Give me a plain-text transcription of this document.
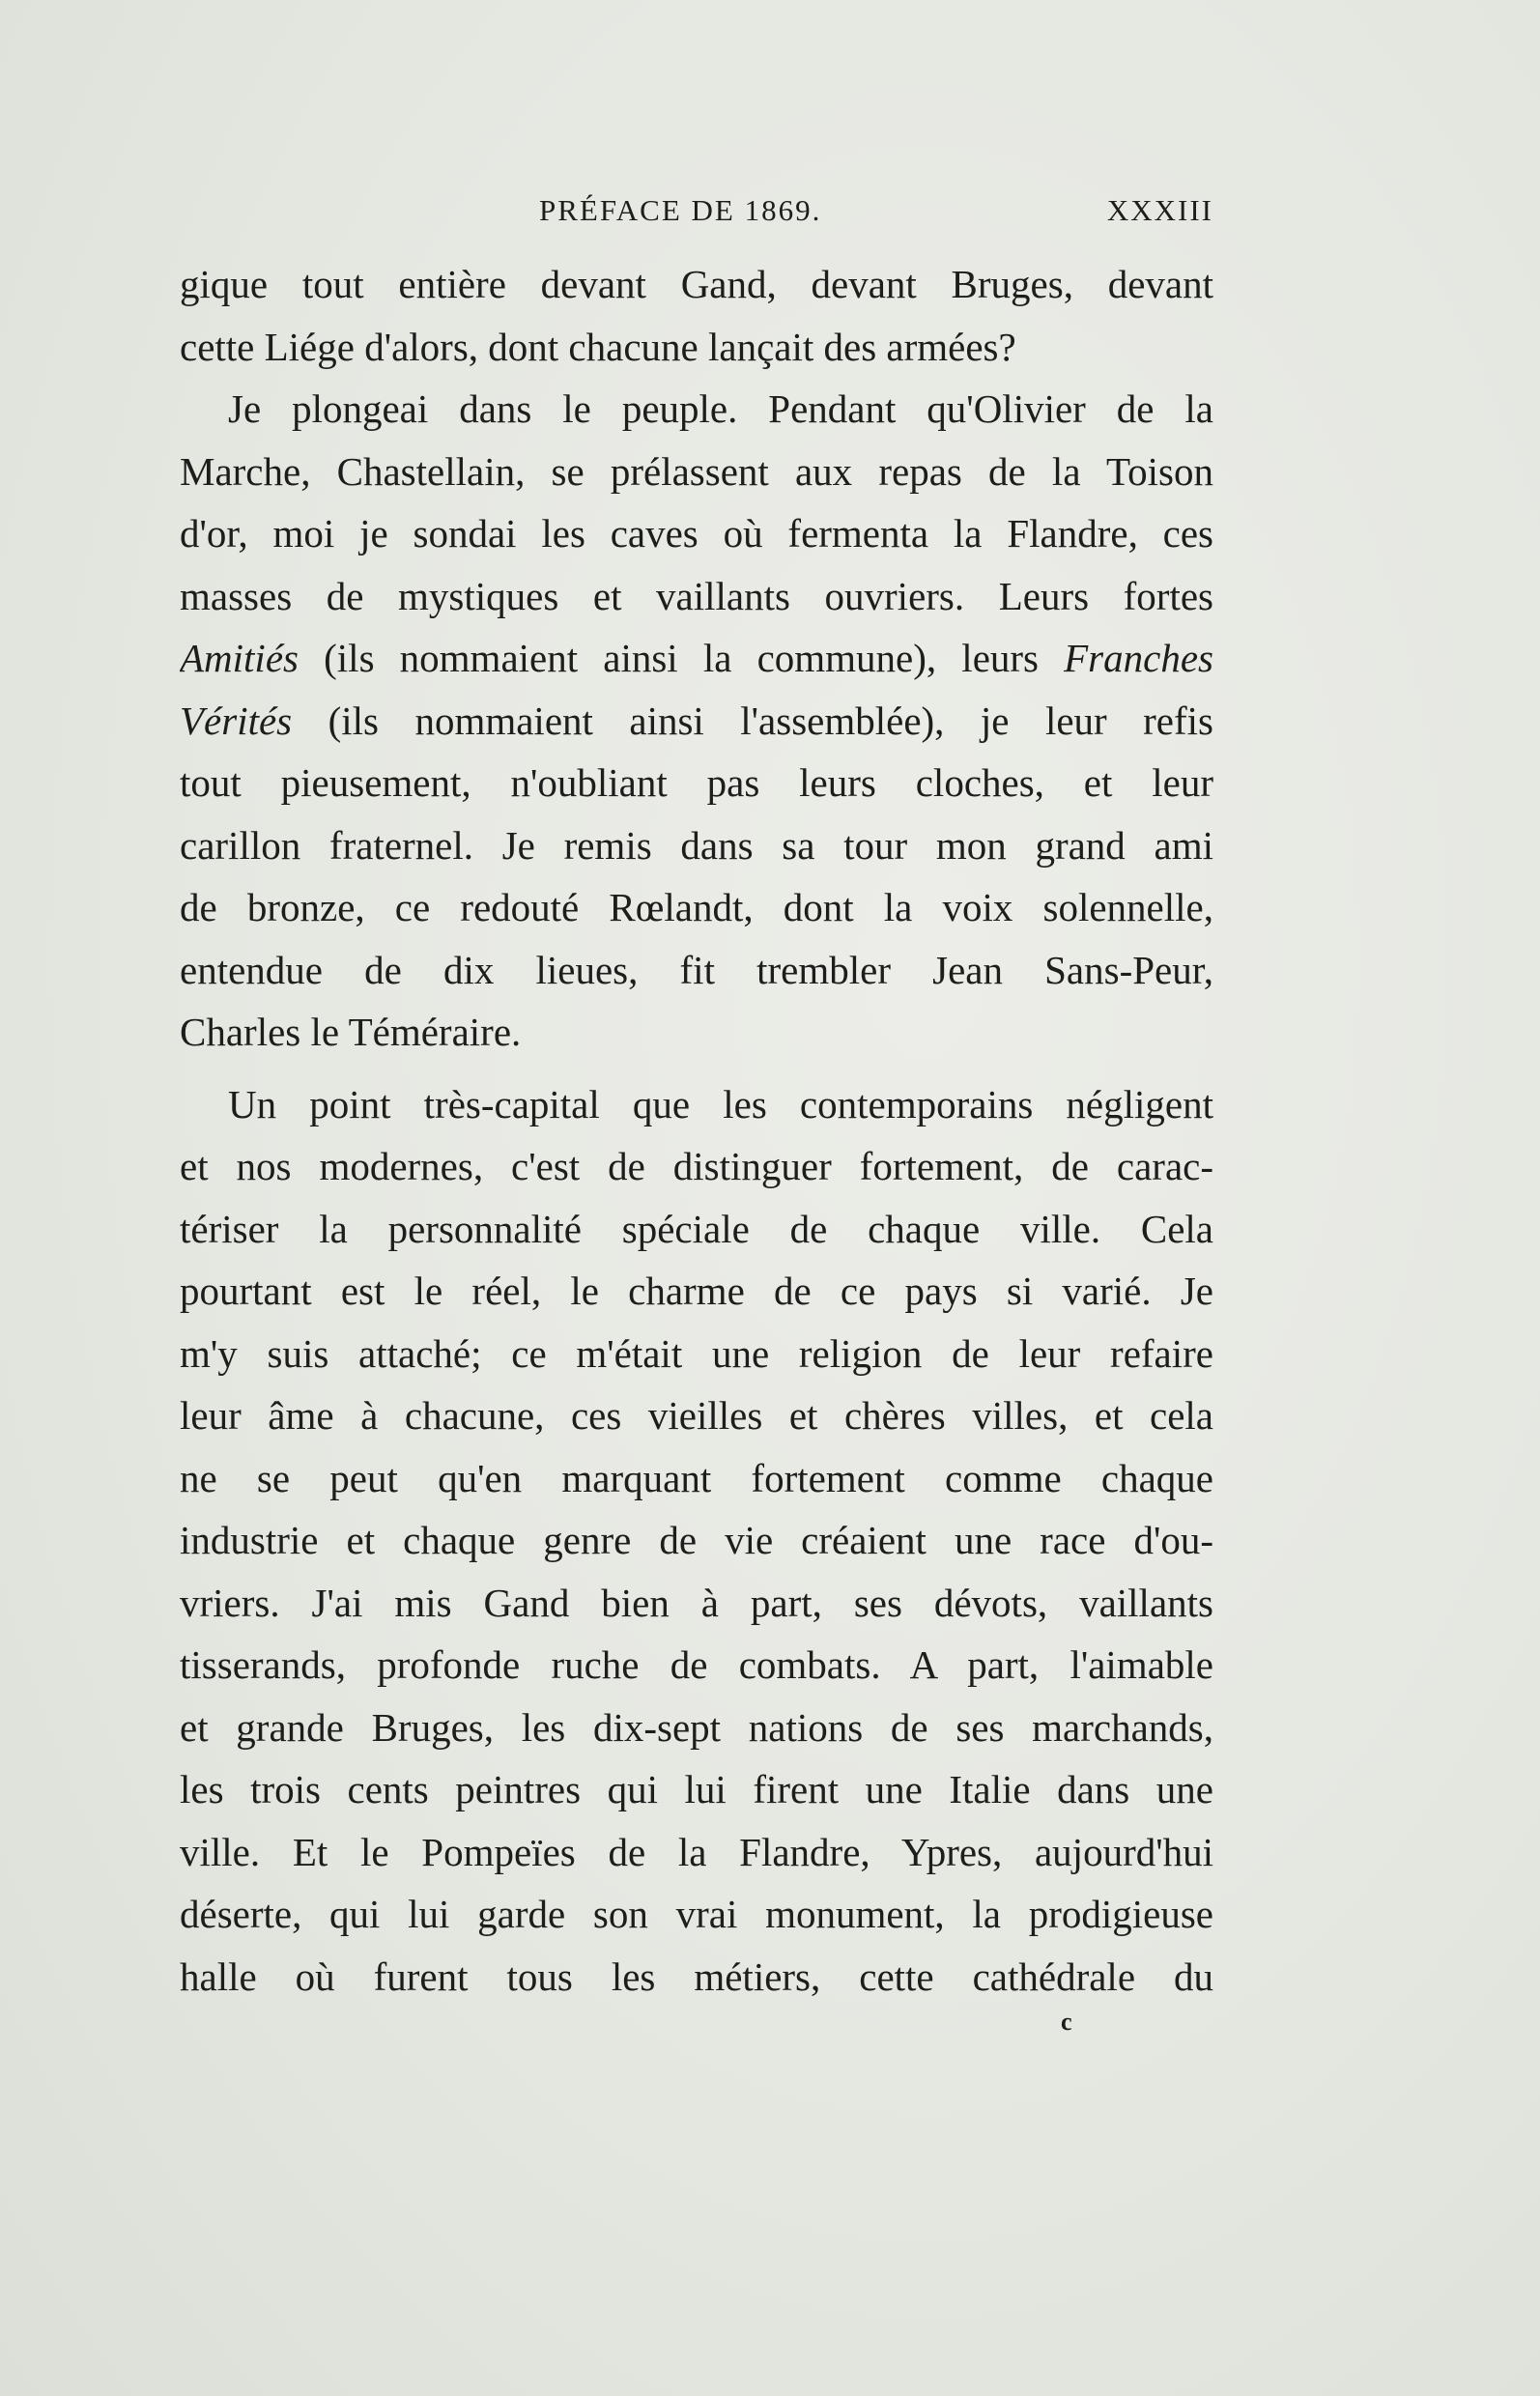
PRÉFACE DE 1869.	XXXIII
gique tout entière devant Gand, devant Bruges, devant
cette Liége d'alors, dont chacune lançait des armées?
Je plongeai dans le peuple. Pendant qu'Olivier de la
Marche, Chastellain, se prélassent aux repas de la Toison
d'or, moi je sondai les caves où fermenta la Flandre, ces
masses de mystiques et vaillants ouvriers. Leurs fortes
Amitiés (ils nommaient ainsi la commune), leurs Franches
Vérités (ils nommaient ainsi l'assemblée), je leur refis
tout pieusement, n'oubliant pas leurs cloches, et leur
carillon fraternel. Je remis dans sa tour mon grand ami
de bronze, ce redouté Rœlandt, dont la voix solennelle,
entendue de dix lieues, fit trembler Jean Sans-Peur,
Charles le Téméraire.
Un point très-capital que les contemporains négligent
et nos modernes, c'est de distinguer fortement, de carac-
tériser la personnalité spéciale de chaque ville. Cela
pourtant est le réel, le charme de ce pays si varié. Je
m'y suis attaché; ce m'était une religion de leur refaire
leur âme à chacune, ces vieilles et chères villes, et cela
ne se peut qu'en marquant fortement comme chaque
industrie et chaque genre de vie créaient une race d'ou-
vriers. J'ai mis Gand bien à part, ses dévots, vaillants
tisserands, profonde ruche de combats. A part, l'aimable
et grande Bruges, les dix-sept nations de ses marchands,
les trois cents peintres qui lui firent une Italie dans une
ville. Et le Pompeïes de la Flandre, Ypres, aujourd'hui
déserte, qui lui garde son vrai monument, la prodigieuse
halle où furent tous les métiers, cette cathédrale du
c
